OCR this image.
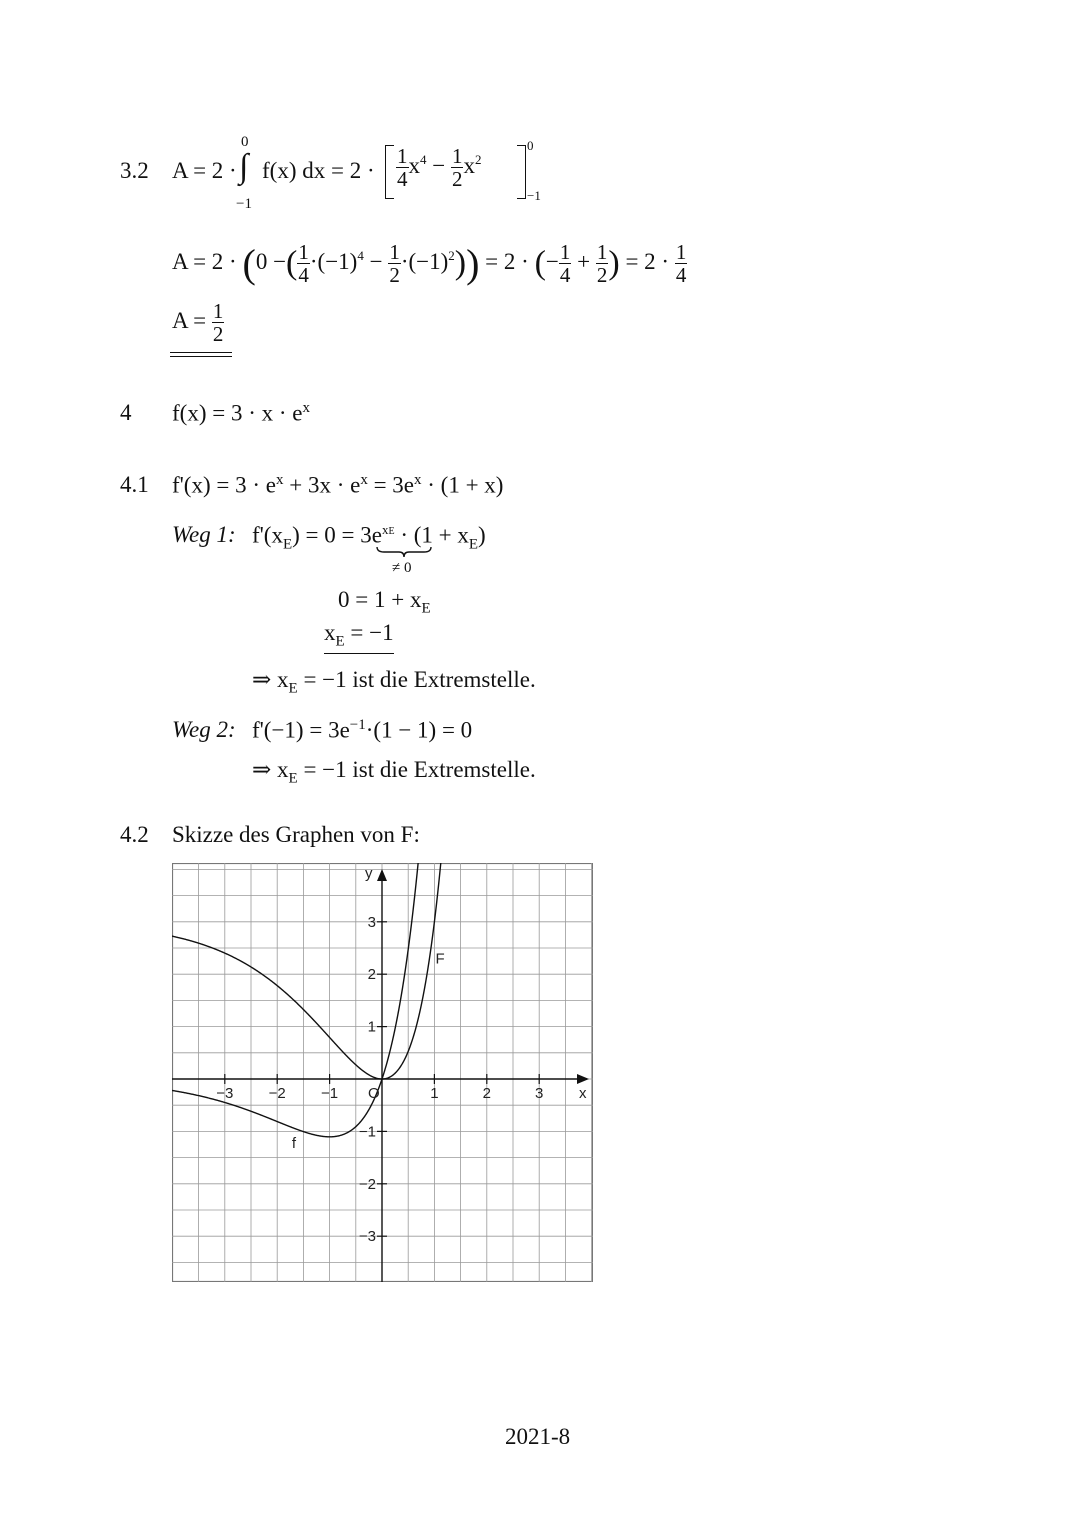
3.2 A = 2 ·
0
∫
−1
f(x) dx = $2 \cdot \frac{1}{4} x^4 - \frac{1}{2} x^2$
0
−1
A = 2 · (0 −( $\frac{1}{4} \cdot(-1)^4 - \frac{1}{2} \cdot(-1)^2)) = 2$ · (− $\frac{1}{4} + \frac{1}{2}$ ) = $2 \cdot \frac{1}{4}$
$A = \frac{1}{2}$
4 $f(x) = 3 \cdot x \cdot e^x$
4.1 $f'(x) = 3 \cdot e^x + 3x \cdot e^x = 3e^x \cdot (1 + x)$
Weg 1: $f'(x_E) = 0 = 3e^{xE} \cdot (1 + x_E)$
≠ 0
$0 = 1 + x_E$
$x_E = -1$
⇒ $x_E = -1$ ist die Extremstelle.
Weg 2: $f'(-1) = 3e^{-1}\cdot(1 - 1) = 0$
⇒ $x_E = -1$ ist die Extremstelle.
4.2 Skizze des Graphen von F:
−3 −2 −1	1	2	3
3
2
1
−1
−2
−3
O	x
y
f
F
2021-8
